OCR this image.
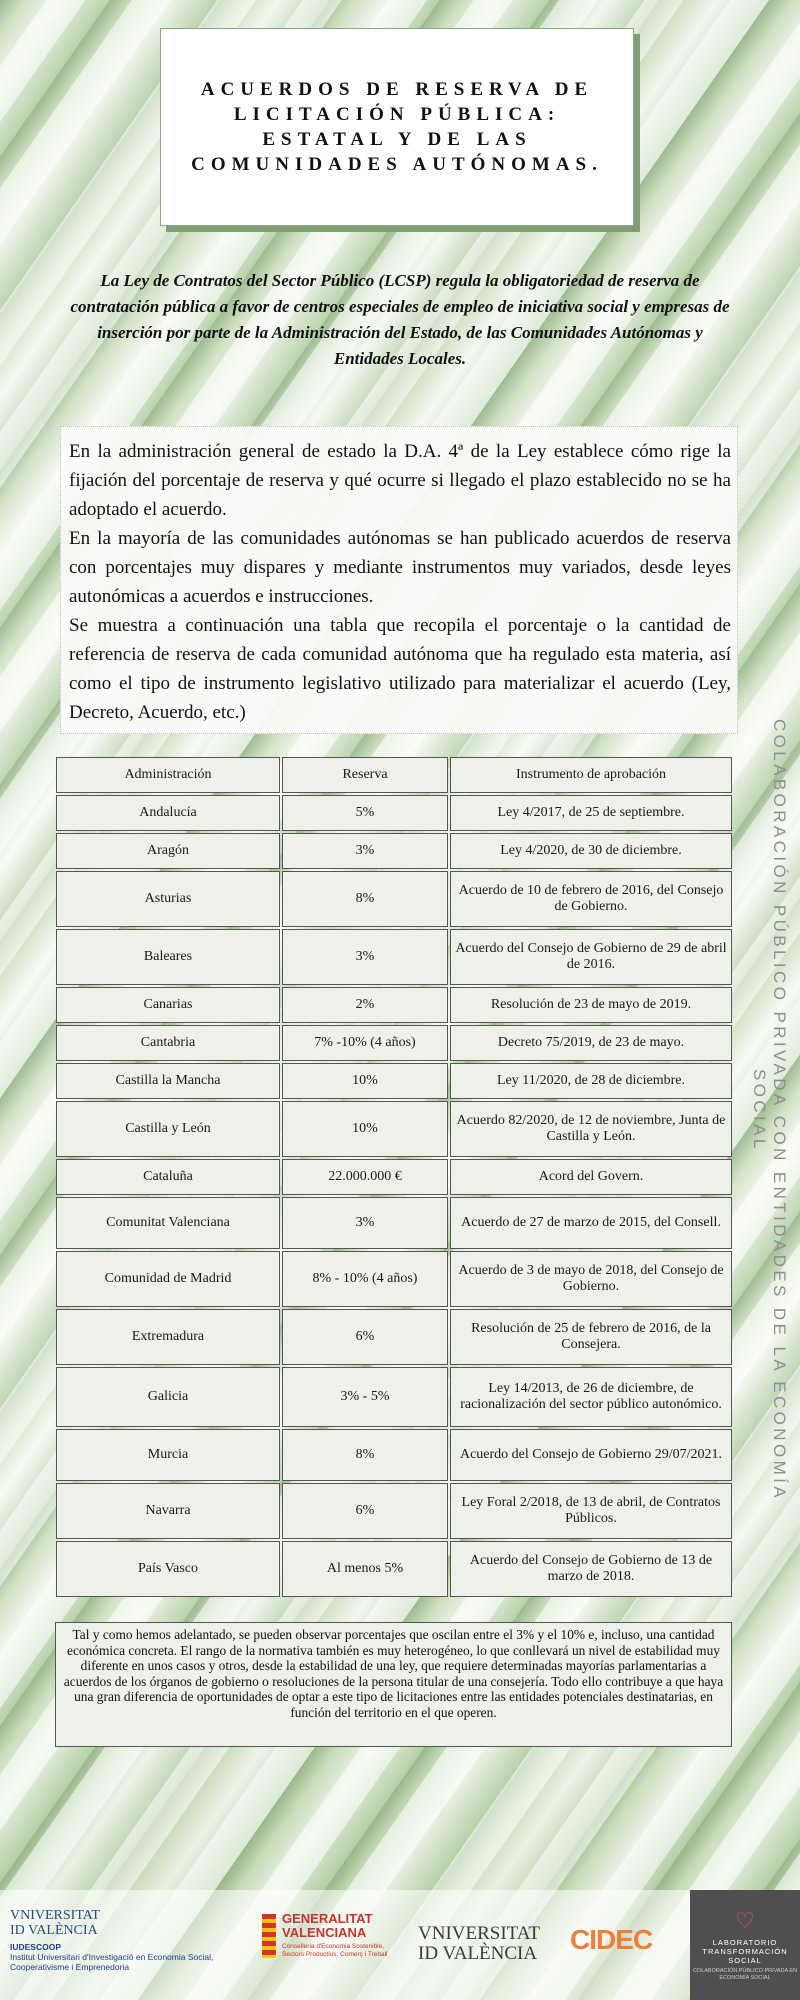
ACUERDOS DE RESERVA DE LICITACIÓN PÚBLICA: ESTATAL Y DE LAS COMUNIDADES AUTÓNOMAS.

La Ley de Contratos del Sector Público (LCSP) regula la obligatoriedad de reserva de contratación pública a favor de centros especiales de empleo de iniciativa social y empresas de inserción por parte de la Administración del Estado, de las Comunidades Autónomas y Entidades Locales.

En la administración general de estado la D.A. 4ª de la Ley establece cómo rige la fijación del porcentaje de reserva y qué ocurre si llegado el plazo establecido no se ha adoptado el acuerdo.

En la mayoría de las comunidades autónomas se han publicado acuerdos de reserva con porcentajes muy dispares y mediante instrumentos muy variados, desde leyes autonómicas a acuerdos e instrucciones.

Se muestra a continuación una tabla que recopila el porcentaje o la cantidad de referencia de reserva de cada comunidad autónoma que ha regulado esta materia, así como el tipo de instrumento legislativo utilizado para materializar el acuerdo (Ley, Decreto, Acuerdo, etc.)

COLABORACIÓN PÚBLICO PRIVADA CON ENTIDADES DE LA ECONOMÍA SOCIAL
Administración	Reserva	Instrumento de aprobación
Andalucía	5%	Ley 4/2017, de 25 de septiembre.
Aragón	3%	Ley 4/2020, de 30 de diciembre.
Asturias	8%	Acuerdo de 10 de febrero de 2016, del Consejo de Gobierno.
Baleares	3%	Acuerdo del Consejo de Gobierno de 29 de abril de 2016.
Canarias	2%	Resolución de 23 de mayo de 2019.
Cantabria	7% -10% (4 años)	Decreto 75/2019, de 23 de mayo.
Castilla la Mancha	10%	Ley 11/2020, de 28 de diciembre.
Castilla y León	10%	Acuerdo 82/2020, de 12 de noviembre, Junta de Castilla y León.
Cataluña	22.000.000 €	Acord del Govern.
Comunitat Valenciana	3%	Acuerdo de 27 de marzo de 2015, del Consell.
Comunidad de Madrid	8% - 10% (4 años)	Acuerdo de 3 de mayo de 2018, del Consejo de Gobierno.
Extremadura	6%	Resolución de 25 de febrero de 2016, de la Consejera.
Galicia	3% - 5%	Ley 14/2013, de 26 de diciembre, de racionalización del sector público autonómico.
Murcia	8%	Acuerdo del Consejo de Gobierno 29/07/2021.
Navarra	6%	Ley Foral 2/2018, de 13 de abril, de Contratos Públicos.
País Vasco	Al menos 5%	Acuerdo del Consejo de Gobierno de 13 de marzo de 2018.
Tal y como hemos adelantado, se pueden observar porcentajes que oscilan entre el 3% y el 10% e, incluso, una cantidad económica concreta. El rango de la normativa también es muy heterogéneo, lo que conllevará un nivel de estabilidad muy diferente en unos casos y otros, desde la estabilidad de una ley, que requiere determinadas mayorías parlamentarias a acuerdos de los órganos de gobierno o resoluciones de la persona titular de una consejería. Todo ello contribuye a que haya una gran diferencia de oportunidades de optar a este tipo de licitaciones entre las entidades potenciales destinatarias, en función del territorio en el que operen.
VNIVERSITAT
ID VALÈNCIA
IUDESCOOP
Institut Universitari d'Investigació en Economia Social, Cooperativisme i Emprenedoria
GENERALITAT VALENCIANA
Conselleria d'Economia Sostenible, Sectors Productius, Comerç i Treball
VNIVERSITAT
ID VALÈNCIA CIDEC
♡
LABORATORIO TRANSFORMACIÓN SOCIAL
COLABORACIÓN PÚBLICO PRIVADA EN ECONOMÍA SOCIAL
